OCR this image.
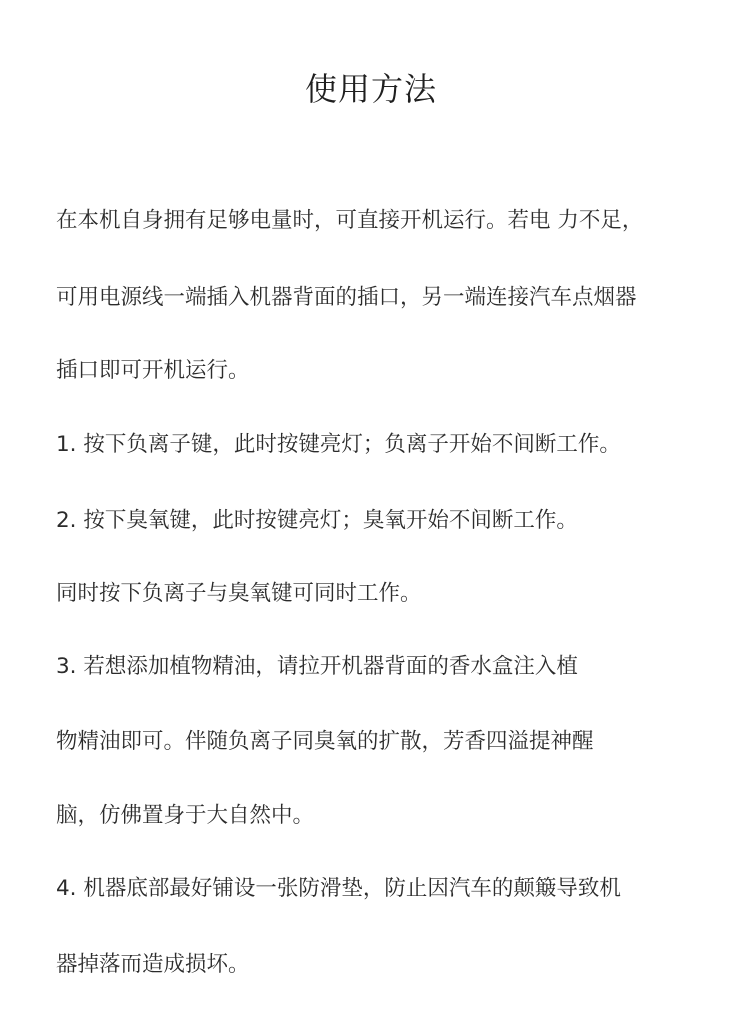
使用方法
在本机自身拥有足够电量时，可直接开机运行。若电 力不足，
可用电源线一端插入机器背面的插口，另一端连接汽车点烟器
插口即可开机运行。
1. 按下负离子键，此时按键亮灯；负离子开始不间断工作。
2. 按下臭氧键，此时按键亮灯；臭氧开始不间断工作。
同时按下负离子与臭氧键可同时工作。
3. 若想添加植物精油，请拉开机器背面的香水盒注入植
物精油即可。伴随负离子同臭氧的扩散，芳香四溢提神醒
脑，仿佛置身于大自然中。
4. 机器底部最好铺设一张防滑垫，防止因汽车的颠簸导致机
器掉落而造成损坏。
